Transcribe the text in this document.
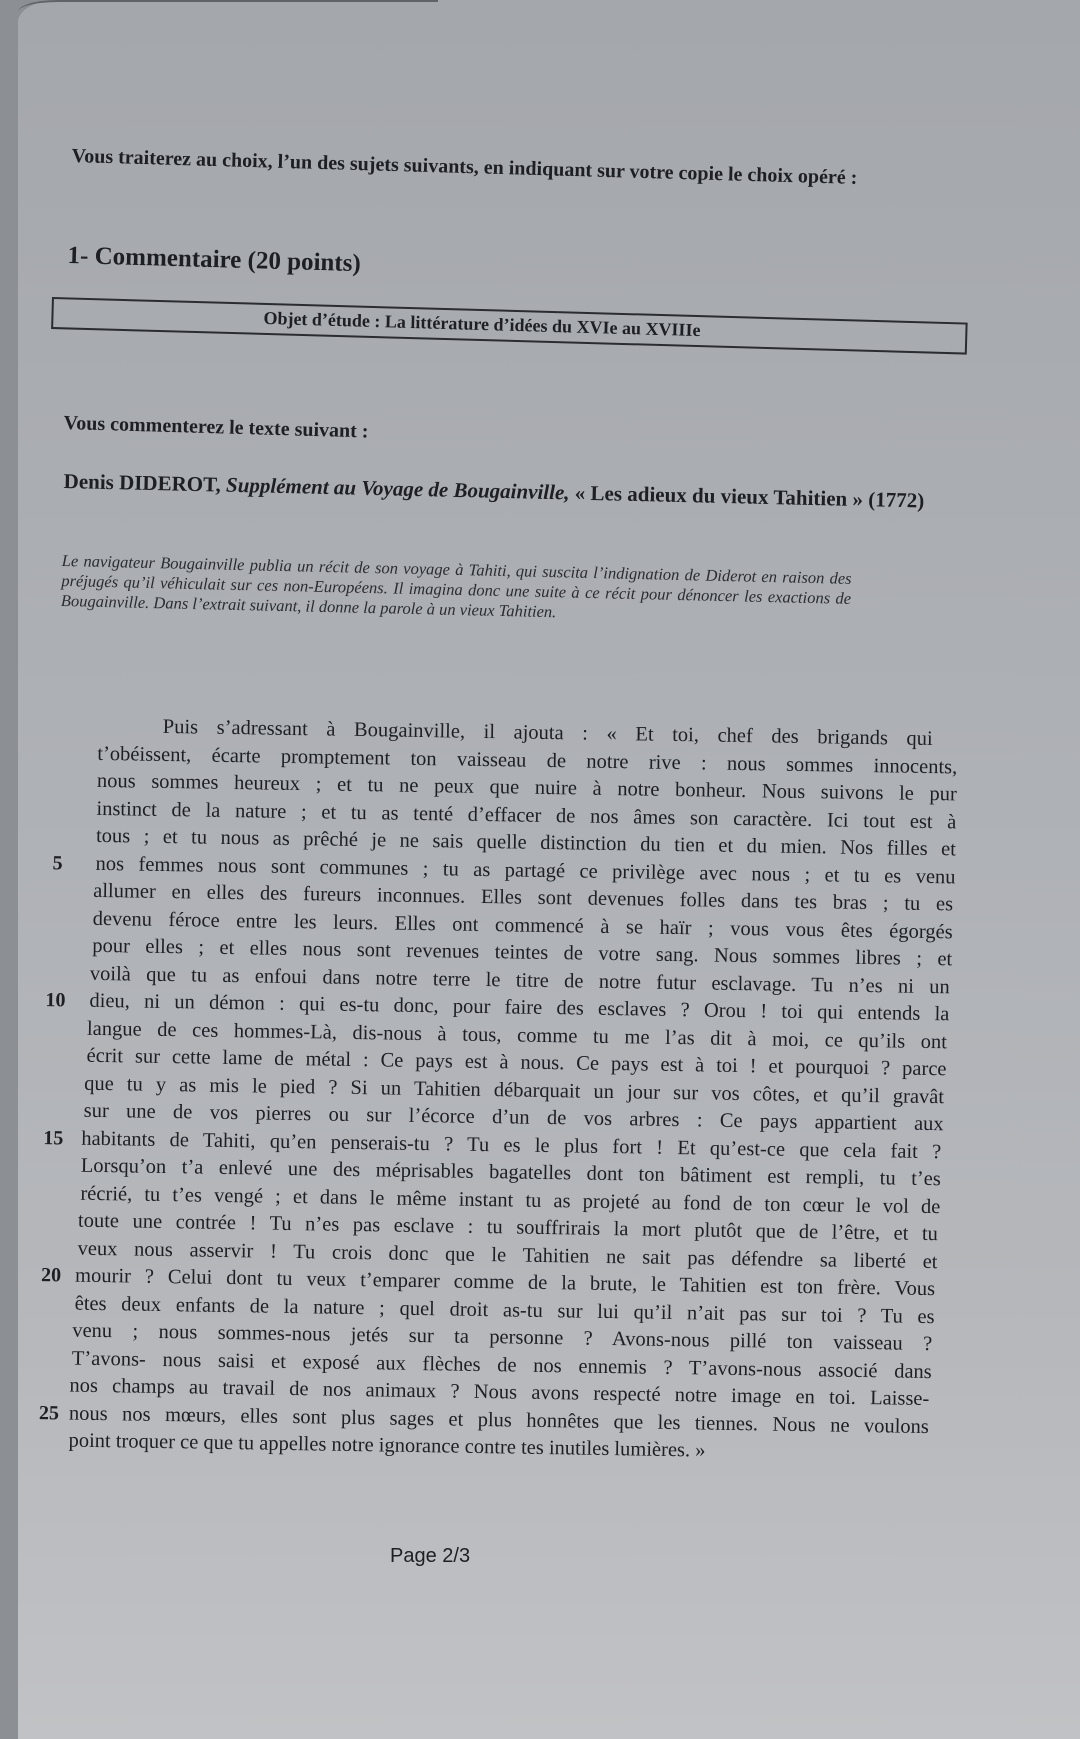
Vous traiterez au choix, l’un des sujets suivants, en indiquant sur votre copie le choix opéré :
1- Commentaire (20 points)
Objet d’étude : La littérature d’idées du XVIe au XVIIIe
Vous commenterez le texte suivant :
Denis DIDEROT, Supplément au Voyage de Bougainville, « Les adieux du vieux Tahitien » (1772)
Le navigateur Bougainville publia un récit de son voyage à Tahiti, qui suscita l’indignation de Diderot en raison des préjugés qu’il véhiculait sur ces non-Européens. Il imagina donc une suite à ce récit pour dénoncer les exactions de Bougainville. Dans l’extrait suivant, il donne la parole à un vieux Tahitien.
Puis s’adressant à Bougainville, il ajouta : « Et toi, chef des brigands qui
t’obéissent, écarte promptement ton vaisseau de notre rive : nous sommes innocents,
nous sommes heureux ; et tu ne peux que nuire à notre bonheur. Nous suivons le pur
instinct de la nature ; et tu as tenté d’effacer de nos âmes son caractère. Ici tout est à
tous ; et tu nous as prêché je ne sais quelle distinction du tien et du mien. Nos filles et
5	nos femmes nous sont communes ; tu as partagé ce privilège avec nous ; et tu es venu
allumer en elles des fureurs inconnues. Elles sont devenues folles dans tes bras ; tu es
devenu féroce entre les leurs. Elles ont commencé à se haïr ; vous vous êtes égorgés
pour elles ; et elles nous sont revenues teintes de votre sang. Nous sommes libres ; et
voilà que tu as enfoui dans notre terre le titre de notre futur esclavage. Tu n’es ni un
10	dieu, ni un démon : qui es-tu donc, pour faire des esclaves ? Orou ! toi qui entends la
langue de ces hommes-Là, dis-nous à tous, comme tu me l’as dit à moi, ce qu’ils ont
écrit sur cette lame de métal : Ce pays est à nous. Ce pays est à toi ! et pourquoi ? parce
que tu y as mis le pied ? Si un Tahitien débarquait un jour sur vos côtes, et qu’il gravât
sur une de vos pierres ou sur l’écorce d’un de vos arbres : Ce pays appartient aux
15 habitants de Tahiti, qu’en penserais-tu ? Tu es le plus fort ! Et qu’est-ce que cela fait ?
Lorsqu’on t’a enlevé une des méprisables bagatelles dont ton bâtiment est rempli, tu t’es
récrié, tu t’es vengé ; et dans le même instant tu as projeté au fond de ton cœur le vol de
toute une contrée ! Tu n’es pas esclave : tu souffrirais la mort plutôt que de l’être, et tu
veux nous asservir ! Tu crois donc que le Tahitien ne sait pas défendre sa liberté et
20 mourir ? Celui dont tu veux t’emparer comme de la brute, le Tahitien est ton frère. Vous
êtes deux enfants de la nature ; quel droit as-tu sur lui qu’il n’ait pas sur toi ? Tu es
venu ; nous sommes-nous jetés sur ta personne ? Avons-nous pillé ton vaisseau ?
T’avons- nous saisi et exposé aux flèches de nos ennemis ? T’avons-nous associé dans
nos champs au travail de nos animaux ? Nous avons respecté notre image en toi. Laisse-
25 nous nos mœurs, elles sont plus sages et plus honnêtes que les tiennes. Nous ne voulons
point troquer ce que tu appelles notre ignorance contre tes inutiles lumières. »
Page 2/3
